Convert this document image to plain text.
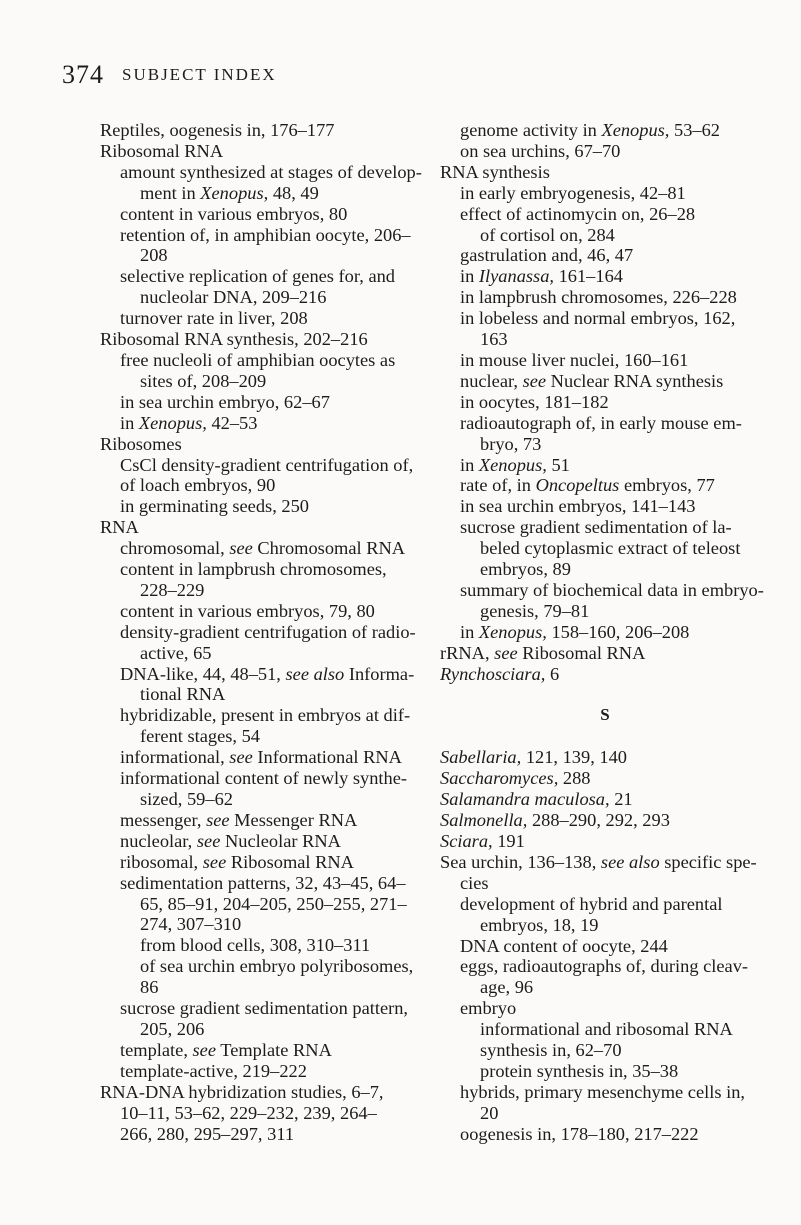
374 SUBJECT INDEX
Reptiles, oogenesis in, 176–177
Ribosomal RNA
amount synthesized at stages of develop-
ment in Xenopus, 48, 49
content in various embryos, 80
retention of, in amphibian oocyte, 206–
208
selective replication of genes for, and
nucleolar DNA, 209–216
turnover rate in liver, 208
Ribosomal RNA synthesis, 202–216
free nucleoli of amphibian oocytes as
sites of, 208–209
in sea urchin embryo, 62–67
in Xenopus, 42–53
Ribosomes
CsCl density-gradient centrifugation of,
of loach embryos, 90
in germinating seeds, 250
RNA
chromosomal, see Chromosomal RNA
content in lampbrush chromosomes,
228–229
content in various embryos, 79, 80
density-gradient centrifugation of radio-
active, 65
DNA-like, 44, 48–51, see also Informa-
tional RNA
hybridizable, present in embryos at dif-
ferent stages, 54
informational, see Informational RNA
informational content of newly synthe-
sized, 59–62
messenger, see Messenger RNA
nucleolar, see Nucleolar RNA
ribosomal, see Ribosomal RNA
sedimentation patterns, 32, 43–45, 64–
65, 85–91, 204–205, 250–255, 271–
274, 307–310
from blood cells, 308, 310–311
of sea urchin embryo polyribosomes,
86
sucrose gradient sedimentation pattern,
205, 206
template, see Template RNA
template-active, 219–222
RNA-DNA hybridization studies, 6–7,
10–11, 53–62, 229–232, 239, 264–
266, 280, 295–297, 311
genome activity in Xenopus, 53–62
on sea urchins, 67–70
RNA synthesis
in early embryogenesis, 42–81
effect of actinomycin on, 26–28
of cortisol on, 284
gastrulation and, 46, 47
in Ilyanassa, 161–164
in lampbrush chromosomes, 226–228
in lobeless and normal embryos, 162,
163
in mouse liver nuclei, 160–161
nuclear, see Nuclear RNA synthesis
in oocytes, 181–182
radioautograph of, in early mouse em-
bryo, 73
in Xenopus, 51
rate of, in Oncopeltus embryos, 77
in sea urchin embryos, 141–143
sucrose gradient sedimentation of la-
beled cytoplasmic extract of teleost
embryos, 89
summary of biochemical data in embryo-
genesis, 79–81
in Xenopus, 158–160, 206–208
rRNA, see Ribosomal RNA
Rynchosciara, 6
S
Sabellaria, 121, 139, 140
Saccharomyces, 288
Salamandra maculosa, 21
Salmonella, 288–290, 292, 293
Sciara, 191
Sea urchin, 136–138, see also specific spe-
cies
development of hybrid and parental
embryos, 18, 19
DNA content of oocyte, 244
eggs, radioautographs of, during cleav-
age, 96
embryo
informational and ribosomal RNA
synthesis in, 62–70
protein synthesis in, 35–38
hybrids, primary mesenchyme cells in,
20
oogenesis in, 178–180, 217–222
